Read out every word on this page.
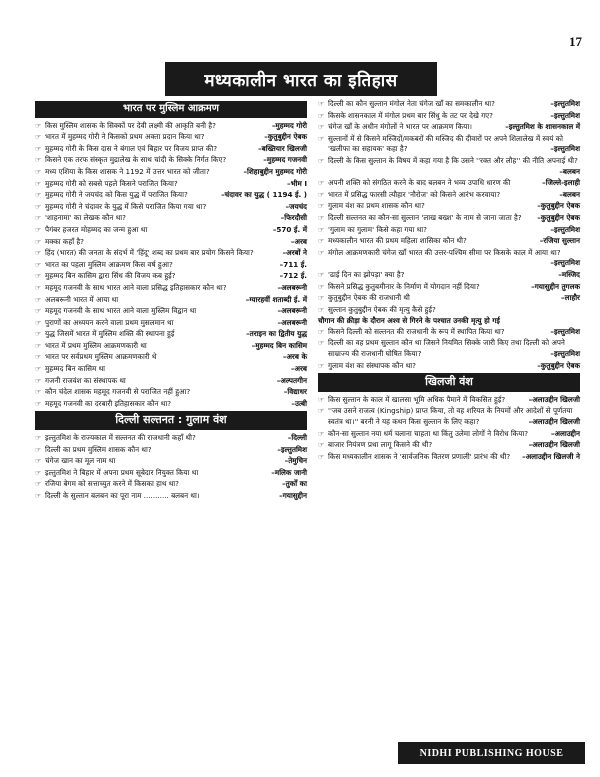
17
मध्यकालीन भारत का इतिहास
भारत पर मुस्लिम आक्रमण
☞ किस मुस्लिम शासक के सिक्कों पर देवी लक्ष्मी की आकृति बनी है?	–मुहम्मद गोरी
☞ भारत में मुहम्मद गोरी ने किसको प्रथम अक्ता प्रदान किया था?	–कुतुबुद्दीन ऐबक
☞ मुहम्मद गोरी के किस दास ने बंगाल एवं बिहार पर विजय प्राप्त की?	–बख्तियार खिलजी
☞ किसने एक तरफ संस्कृत मुद्रालेख के साथ चांदी के सिक्के निर्गत किए?	–मुहम्मद गजनवी
☞ मध्य एशिया के किस शासक ने 1192 में उत्तर भारत को जीता?	–शिहाबुद्दीन मुहम्मद गोरी
☞ मुहम्मद गोरी को सबसे पहले किसने पराजित किया?	–भीम I
☞ मुहम्मद गोरी ने जयचंद को किस युद्ध में पराजित किया?	–चंदावर का युद्ध ( 1194 ई. )
☞ मुहम्मद गोरी ने चंदावर के युद्ध में किसे पराजित किया गया था?	–जयचंद
☞ 'शाहनामा' का लेखक कौन था?	–फिरदौसी
☞ पैगंबर हजरत मोहम्मद का जन्म हुआ था	–570 ई. में
☞ मक्का कहाँ है?	–अरब
☞ हिंद (भारत) की जनता के संदर्भ में 'हिंदू' शब्द का प्रथम बार प्रयोग किसने किया?	–अरबों ने
☞ भारत का पहला मुस्लिम आक्रमण किस वर्ष हुआ?	–711 ई.
☞ मुहम्मद बिन कासिम द्वारा सिंध की विजय कब हुई?	–712 ई.
☞ महमूद गजनवी के साथ भारत आने वाला प्रसिद्ध इतिहासकार कौन था?	–अलबरूनी
☞ अलबरूनी भारत में आया था	–ग्यारहवीं शताब्दी ई. में
☞ महमूद गजनवी के साथ भारत आने वाला मुस्लिम विद्वान था	–अलबरूनी
☞ पुराणों का अध्ययन करने वाला प्रथम मुसलमान था	–अलबरूनी
☞ युद्ध जिसमें भारत में मुस्लिम शक्ति की स्थापना हुई	–तराइन का द्वितीय युद्ध
☞ भारत में प्रथम मुस्लिम आक्रमणकारी था	–मुहम्मद बिन कासिम
☞ भारत पर सर्वप्रथम मुस्लिम आक्रमणकारी थे	–अरब के
☞ मुहम्मद बिन कासिम था	–अरब
☞ गजनी राजवंश का संस्थापक था	–अल्पतगीन
☞ कौन चंदेल शासक महमूद गजनवी से पराजित नहीं हुआ?	–विद्याधर
☞ महमूद गजनवी का दरबारी इतिहासकार कौन था?	–उत्बी
दिल्ली सल्तनत : गुलाम वंश
☞ इल्तुतमिश के राज्यकाल में सल्तनत की राजधानी कहाँ थी?	–दिल्ली
☞ दिल्ली का प्रथम मुस्लिम शासक कौन था?	–इल्तुतमिश
☞ चंगेज खान का मूल नाम था	–तेमुचिन
☞ इल्तुतमिश ने बिहार में अपना प्रथम सूबेदार नियुक्त किया था	–मलिक जानी
☞ रजिया बेगम को सत्ताच्युत करने में किसका हाथ था?	–तुर्कों का
☞ दिल्ली के सुल्तान बलबन का पूरा नाम ........... बलबन था।	–गयासुद्दीन
☞ दिल्ली का कौन सुल्तान मंगोल नेता चंगेज खाँ का समकालीन था?	–इल्तुतमिश
☞ किसके शासनकाल में मंगोल प्रथम बार सिंधु के तट पर देखे गए?	–इल्तुतमिश
☞ चंगेज खाँ के अधीन मंगोलों ने भारत पर आक्रमण किया।	–इल्तुतमिश के शासनकाल में
☞ सुल्तानों में से किसने मस्जिदों/मकबरों की मस्जिद की दीवारों पर अपने शिलालेख में स्वयं को 'खलीफा का सहायक' कहा है?	–इल्तुतमिश
☞ दिल्ली के किस सुल्तान के विषय में कहा गया है कि उसने ''रक्त और लौह'' की नीति अपनाई थी?
–बलबन
☞ अपनी शक्ति को संगठित करने के बाद बलबन ने भव्य उपाधि धारण की	–जिल्ले-इलाही
☞ भारत में प्रसिद्ध फारसी त्यौहार 'नौरोज' को किसने आरंभ करवाया?	–बलबन
☞ गुलाम वंश का प्रथम शासक कौन था?	–कुतुबुद्दीन ऐबक
☞ दिल्ली सल्तनत का कौन-सा सुल्तान 'लाख बख्श' के नाम से जाना जाता है?	–कुतुबुद्दीन ऐबक
☞ 'गुलाम का गुलाम' किसे कहा गया था?	–इल्तुतमिश
☞ मध्यकालीन भारत की प्रथम महिला शासिका कौन थी?	–रजिया सुल्तान
☞ मंगोल आक्रमणकारी चंगेज खाँ भारत की उत्तर-पश्चिम सीमा पर किसके काल में आया था?
–इल्तुतमिश
☞ 'ढाई दिन का झोपड़ा' क्या है?	–मस्जिद
☞ किसने प्रसिद्ध कुतुबमीनार के निर्माण में योगदान नहीं दिया?	–गयासुद्दीन तुगलक
☞ कुतुबुद्दीन ऐबक की राजधानी थी	–लाहौर
☞ सुल्तान कुतुबुद्दीन ऐबक की मृत्यु कैसे हुई?
चौगान की क्रीड़ा के दौरान अश्व से गिरने के पश्चात उनकी मृत्यु हो गई
☞ किसने दिल्ली को सल्तनत की राजधानी के रूप में स्थापित किया था?	–इल्तुतमिश
☞ दिल्ली का वह प्रथम सुल्तान कौन था जिसने नियमित सिक्के जारी किए तथा दिल्ली को अपने साम्राज्य की राजधानी घोषित किया?	–इल्तुतमिश
☞ गुलाम वंश का संस्थापक कौन था?	–कुतुबुद्दीन ऐबक
खिलजी वंश
☞ किस सुल्तान के काल में खालसा भूमि अधिक पैमाने में विकसित हुई?	–अलाउद्दीन खिलजी
☞ ''जब उसने राजत्व (Kingship) प्राप्त किया, तो वह शरियत के नियमों और आदेशों से पूर्णतया स्वतंत्र था।'' बरनी ने यह कथन किस सुल्तान के लिए कहा?	–अलाउद्दीन खिलजी
☞ कौन-सा सुल्तान नया धर्म चलाना चाहता था किंतु उलेमा लोगों ने विरोध किया?	–अलाउद्दीन
☞ बाजार नियंत्रण प्रथा लागू किसने की थी?	–अलाउद्दीन खिलजी
☞ किस मध्यकालीन शासक ने 'सार्वजनिक वितरण प्रणाली' प्रारंभ की थी?	–अलाउद्दीन खिलजी ने
NIDHI PUBLISHING HOUSE
